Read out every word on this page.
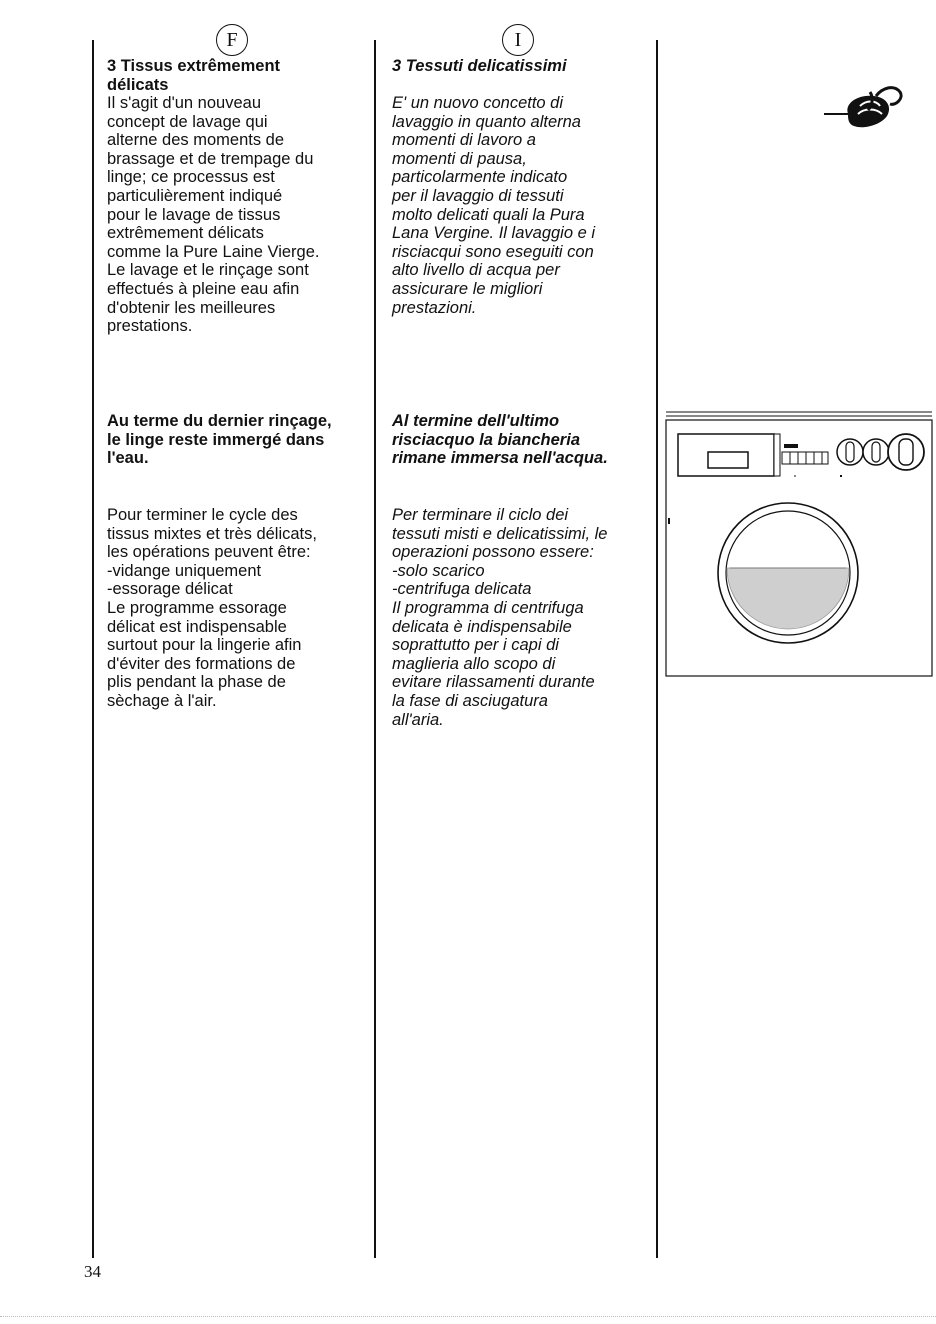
F
3 Tissus extrêmement
délicats
Il s'agit d'un nouveau
concept de lavage qui
alterne des moments de
brassage et de trempage du
linge; ce processus est
particulièrement indiqué
pour le lavage de tissus
extrêmement délicats
comme la Pure Laine Vierge.
Le lavage et le rinçage sont
effectués à pleine eau afin
d'obtenir les meilleures
prestations.
Au terme du dernier rinçage,
le linge reste immergé dans
l'eau.
Pour terminer le cycle des
tissus mixtes et très délicats,
les opérations peuvent être:
-vidange uniquement
-essorage délicat
Le programme essorage
délicat est indispensable
surtout pour la lingerie afin
d'éviter des formations de
plis pendant la phase de
sèchage à l'air.
I
3 Tessuti delicatissimi
E' un nuovo concetto di
lavaggio in quanto alterna
momenti di lavoro a
momenti di pausa,
particolarmente indicato
per il lavaggio di tessuti
molto delicati quali la Pura
Lana Vergine. Il lavaggio e i
risciacqui sono eseguiti con
alto livello di acqua per
assicurare le migliori
prestazioni.
Al termine dell'ultimo
risciacquo la biancheria
rimane immersa nell'acqua.
Per terminare il ciclo dei
tessuti misti e delicatissimi, le
operazioni possono essere:
-solo scarico
-centrifuga delicata
Il programma di centrifuga
delicata è indispensabile
soprattutto per i capi di
maglieria allo scopo di
evitare rilassamenti durante
la fase di asciugatura
all'aria.
34
